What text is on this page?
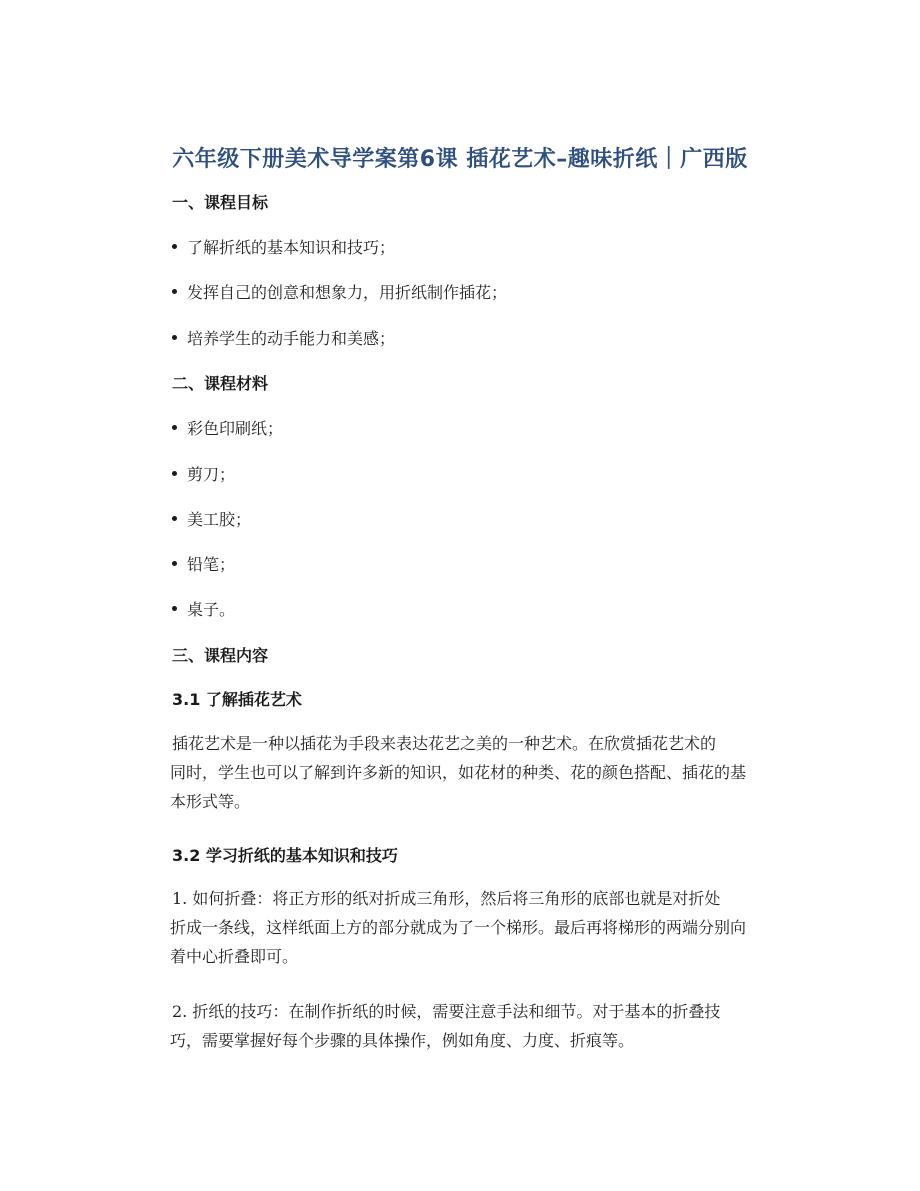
六年级下册美术导学案第6课 插花艺术–趣味折纸｜广西版
一、课程目标
了解折纸的基本知识和技巧；
发挥自己的创意和想象力，用折纸制作插花；
培养学生的动手能力和美感；
二、课程材料
彩色印刷纸；
剪刀；
美工胶；
铅笔；
桌子。
三、课程内容
3.1 了解插花艺术
插花艺术是一种以插花为手段来表达花艺之美的一种艺术。在欣赏插花艺术的
同时，学生也可以了解到许多新的知识，如花材的种类、花的颜色搭配、插花的基
本形式等。
3.2 学习折纸的基本知识和技巧
1. 如何折叠：将正方形的纸对折成三角形，然后将三角形的底部也就是对折处
折成一条线，这样纸面上方的部分就成为了一个梯形。最后再将梯形的两端分别向
着中心折叠即可。
2. 折纸的技巧：在制作折纸的时候，需要注意手法和细节。对于基本的折叠技
巧，需要掌握好每个步骤的具体操作，例如角度、力度、折痕等。
